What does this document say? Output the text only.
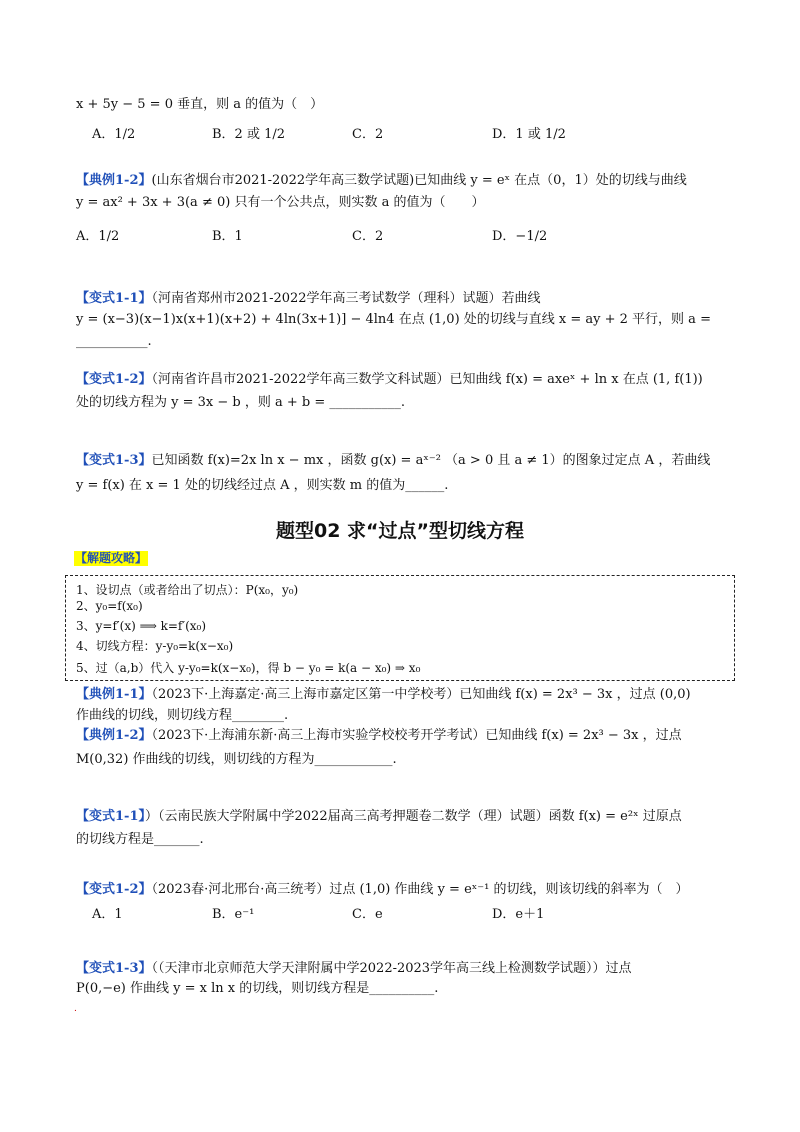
x + 5y − 5 = 0 垂直，则 a 的值为（　）
A．1/2	B．2 或 1/2	C．2	D．1 或 1/2
【典例1-2】(山东省烟台市2021-2022学年高三数学试题)已知曲线 y = eˣ 在点（0，1）处的切线与曲线
y = ax² + 3x + 3(a ≠ 0) 只有一个公共点，则实数 a 的值为（　　）
A．1/2	B．1	C．2	D．−1/2
【变式1-1】（河南省郑州市2021-2022学年高三考试数学（理科）试题）若曲线
y = (x−3)(x−1)x(x+1)(x+2) + 4ln(3x+1)] − 4ln4 在点 (1,0) 处的切线与直线 x = ay + 2 平行，则 a =
___________.
【变式1-2】（河南省许昌市2021-2022学年高三数学文科试题）已知曲线 f(x) = axeˣ + ln x 在点 (1, f(1))
处的切线方程为 y = 3x − b ，则 a + b = ___________.
【变式1-3】已知函数 f(x)=2x ln x − mx ，函数 g(x) = aˣ⁻² （a > 0 且 a ≠ 1）的图象过定点 A ，若曲线
y = f(x) 在 x = 1 处的切线经过点 A ，则实数 m 的值为______.
题型02 求“过点”型切线方程
【解题攻略】
1、设切点（或者给出了切点）：P(x₀，y₀)
2、y₀=f(x₀)
3、y=f′(x) ⟹ k=f′(x₀)
4、切线方程：y-y₀=k(x−x₀)
5、过（a,b）代入 y-y₀=k(x−x₀)，得 b − y₀ = k(a − x₀) ⇒ x₀
【典例1-1】（2023下·上海嘉定·高三上海市嘉定区第一中学校考）已知曲线 f(x) = 2x³ − 3x ，过点 (0,0)
作曲线的切线，则切线方程________.
【典例1-2】（2023下·上海浦东新·高三上海市实验学校校考开学考试）已知曲线 f(x) = 2x³ − 3x ，过点
M(0,32) 作曲线的切线，则切线的方程为____________.
【变式1-1】）（云南民族大学附属中学2022届高三高考押题卷二数学（理）试题）函数 f(x) = e²ˣ 过原点
的切线方程是_______.
【变式1-2】（2023春·河北邢台·高三统考）过点 (1,0) 作曲线 y = eˣ⁻¹ 的切线，则该切线的斜率为（　）
A．1	B．e⁻¹	C．e	D．e＋1
【变式1-3】（（天津市北京师范大学天津附属中学2022-2023学年高三线上检测数学试题））过点
P(0,−e) 作曲线 y = x ln x 的切线，则切线方程是__________.
.
